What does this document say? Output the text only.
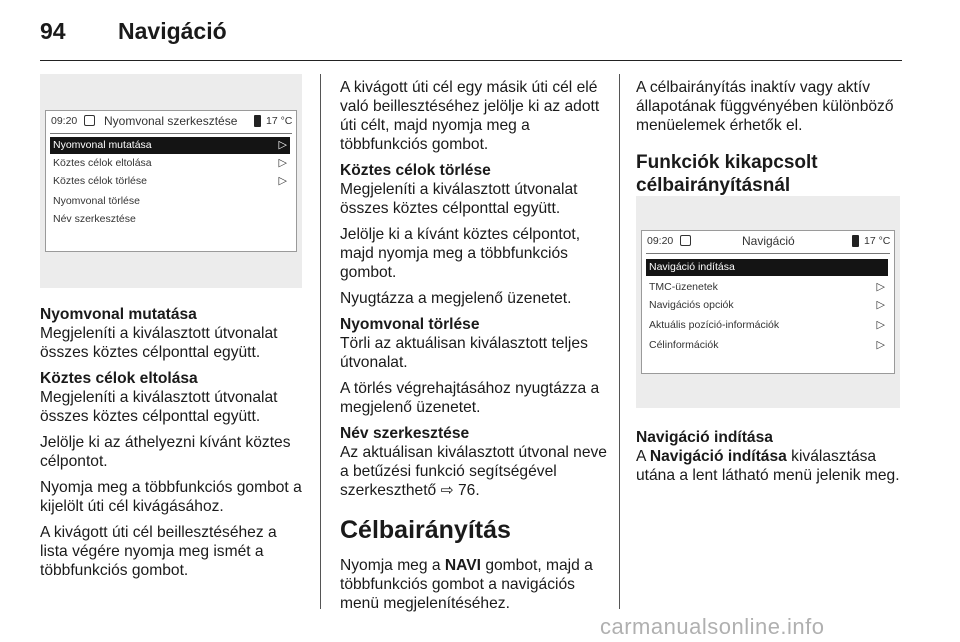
94 Navigáció
09:20 Nyomvonal szerkesztése	17 °C
Nyomvonal mutatása	▷
Köztes célok eltolása	▷
Köztes célok törlése	▷
Nyomvonal törlése
Név szerkesztése

Nyomvonal mutatása

Megjeleníti a kiválasztott útvonalat összes köztes célponttal együtt.

Köztes célok eltolása

Megjeleníti a kiválasztott útvonalat összes köztes célponttal együtt.

Jelölje ki az áthelyezni kívánt köztes célpontot.

Nyomja meg a többfunkciós gombot a kijelölt úti cél kivágásához.

A kivágott úti cél beillesztéséhez a lista végére nyomja meg ismét a többfunkciós gombot.

A kivágott úti cél egy másik úti cél elé való beillesztéséhez jelölje ki az adott úti célt, majd nyomja meg a többfunkciós gombot.

Köztes célok törlése

Megjeleníti a kiválasztott útvonalat összes köztes célponttal együtt.

Jelölje ki a kívánt köztes célpontot, majd nyomja meg a többfunkciós gombot.

Nyugtázza a megjelenő üzenetet.

Nyomvonal törlése

Törli az aktuálisan kiválasztott teljes útvonalat.

A törlés végrehajtásához nyugtázza a megjelenő üzenetet.

Név szerkesztése

Az aktuálisan kiválasztott útvonal neve a betűzési funkció segítségével szerkeszthető ⇨ 76.

Célbairányítás

Nyomja meg a NAVI gombot, majd a többfunkciós gombot a navigációs menü megjelenítéséhez.

A célbairányítás inaktív vagy aktív állapotának függvényében különböző menüelemek érhetők el.

Funkciók kikapcsolt célbairányításnál

09:20	Navigáció	17 °C
Navigáció indítása
TMC-üzenetek	▷
Navigációs opciók	▷
Aktuális pozíció-információk	▷
Célinformációk	▷

Navigáció indítása

A Navigáció indítása kiválasztása utána a lent látható menü jelenik meg.

carmanualsonline.info
